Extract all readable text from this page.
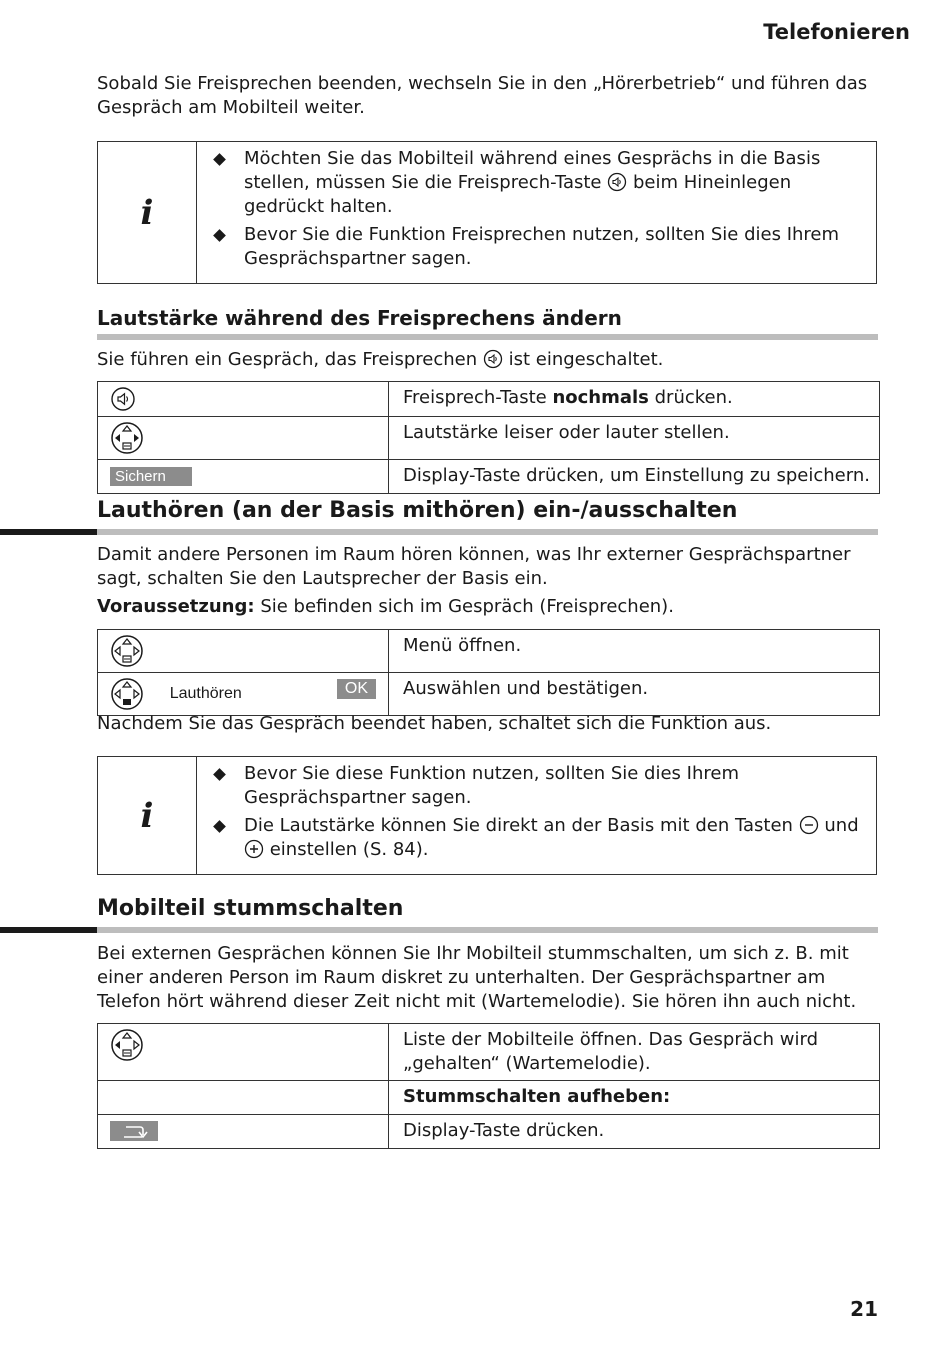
Telefonieren

Sobald Sie Freisprechen beenden, wechseln Sie in den „Hörerbetrieb“ und führen das Gespräch am Mobilteil weiter.

i
Möchten Sie das Mobilteil während eines Gesprächs in die Basis stellen, müssen Sie die Freisprech-Taste  beim Hineinlegen gedrückt halten.
Bevor Sie die Funktion Freisprechen nutzen, sollten Sie dies Ihrem Gesprächspartner sagen.
Lautstärke während des Freisprechens ändern

Sie führen ein Gespräch, das Freisprechen  ist eingeschaltet.

	Freisprech-Taste nochmals drücken.
	Lautstärke leiser oder lauter stellen.
Sichern	Display-Taste drücken, um Einstellung zu speichern.
Lauthören (an der Basis mithören) ein-/ausschalten

Damit andere Personen im Raum hören können, was Ihr externer Gesprächspartner sagt, schalten Sie den Lautsprecher der Basis ein.

Voraussetzung: Sie befinden sich im Gespräch (Freisprechen).

	Menü öffnen.
Lauthören OK	Auswählen und bestätigen.

Nachdem Sie das Gespräch beendet haben, schaltet sich die Funktion aus.

i
Bevor Sie diese Funktion nutzen, sollten Sie dies Ihrem Gesprächspartner sagen.
Die Lautstärke können Sie direkt an der Basis mit den Tasten  und
einstellen (S. 84).
Mobilteil stummschalten

Bei externen Gesprächen können Sie Ihr Mobilteil stummschalten, um sich z. B. mit einer anderen Person im Raum diskret zu unterhalten. Der Gesprächspartner am Telefon hört während dieser Zeit nicht mit (Wartemelodie). Sie hören ihn auch nicht.

	Liste der Mobilteile öffnen. Das Gespräch wird „gehalten“ (Wartemelodie).
	Stummschalten aufheben:

	Display-Taste drücken.
21
